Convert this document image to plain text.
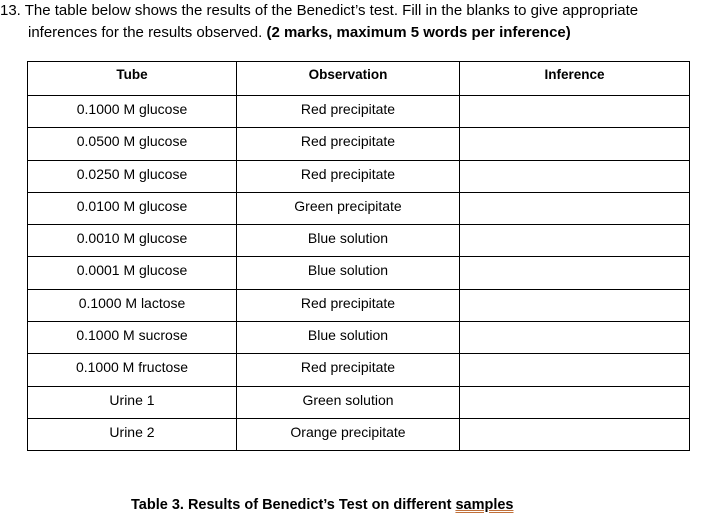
13. The table below shows the results of the Benedict’s test. Fill in the blanks to give appropriate
inferences for the results observed. (2 marks, maximum 5 words per inference)
Tube	Observation	Inference
0.1000 M glucose	Red precipitate	
0.0500 M glucose	Red precipitate	
0.0250 M glucose	Red precipitate	
0.0100 M glucose	Green precipitate	
0.0010 M glucose	Blue solution	
0.0001 M glucose	Blue solution	
0.1000 M lactose	Red precipitate	
0.1000 M sucrose	Blue solution	
0.1000 M fructose	Red precipitate	
Urine 1	Green solution	
Urine 2	Orange precipitate	
Table 3. Results of Benedict’s Test on different samples
